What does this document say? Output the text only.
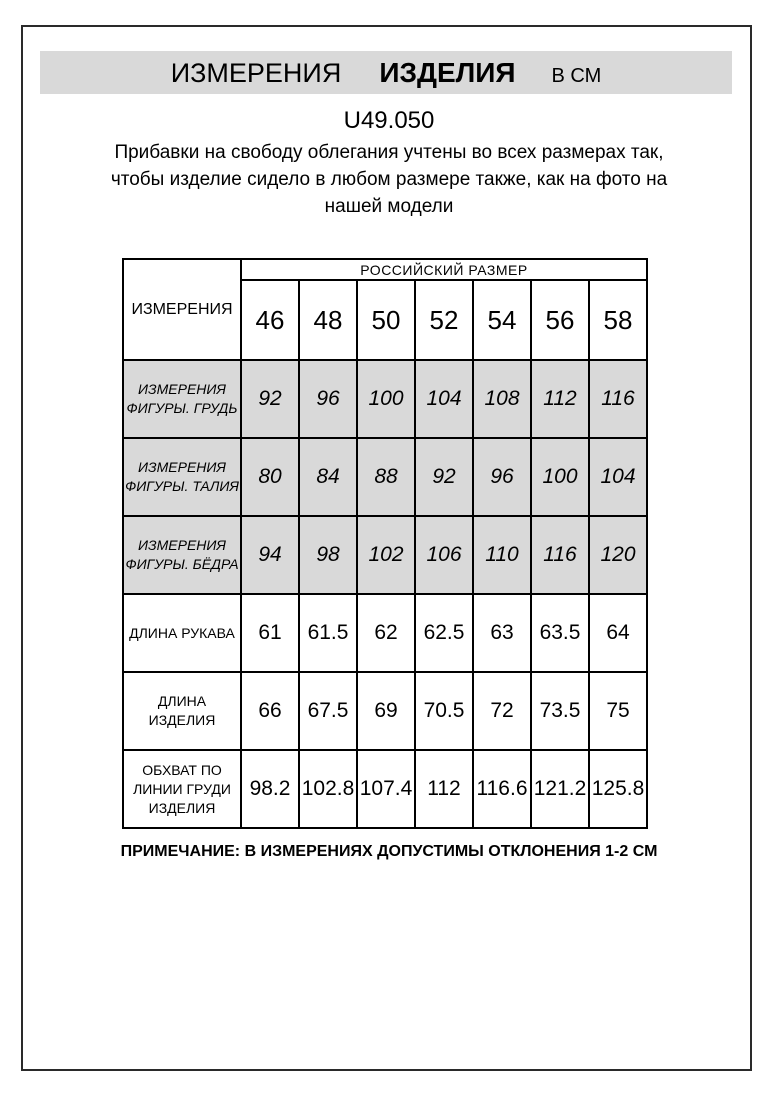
ИЗМЕРЕНИЯ ИЗДЕЛИЯ В СМ
U49.050
Прибавки на свободу облегания учтены во всех размерах так,
чтобы изделие сидело в любом размере также, как на фото на
нашей модели
ИЗМЕРЕНИЯ	РОССИЙСКИЙ РАЗМЕР						
	46	48	50	52	54	56	58
ИЗМЕРЕНИЯ ФИГУРЫ. ГРУДЬ	92	96	100	104	108	112	116
ИЗМЕРЕНИЯ ФИГУРЫ. ТАЛИЯ	80	84	88	92	96	100	104
ИЗМЕРЕНИЯ ФИГУРЫ. БЁДРА	94	98	102	106	110	116	120
ДЛИНА РУКАВА	61	61.5	62	62.5	63	63.5	64
ДЛИНА ИЗДЕЛИЯ	66	67.5	69	70.5	72	73.5	75
ОБХВАТ ПО ЛИНИИ ГРУДИ ИЗДЕЛИЯ	98.2	102.8	107.4	112	116.6	121.2	125.8
ПРИМЕЧАНИЕ: В ИЗМЕРЕНИЯХ ДОПУСТИМЫ ОТКЛОНЕНИЯ 1-2 СМ
